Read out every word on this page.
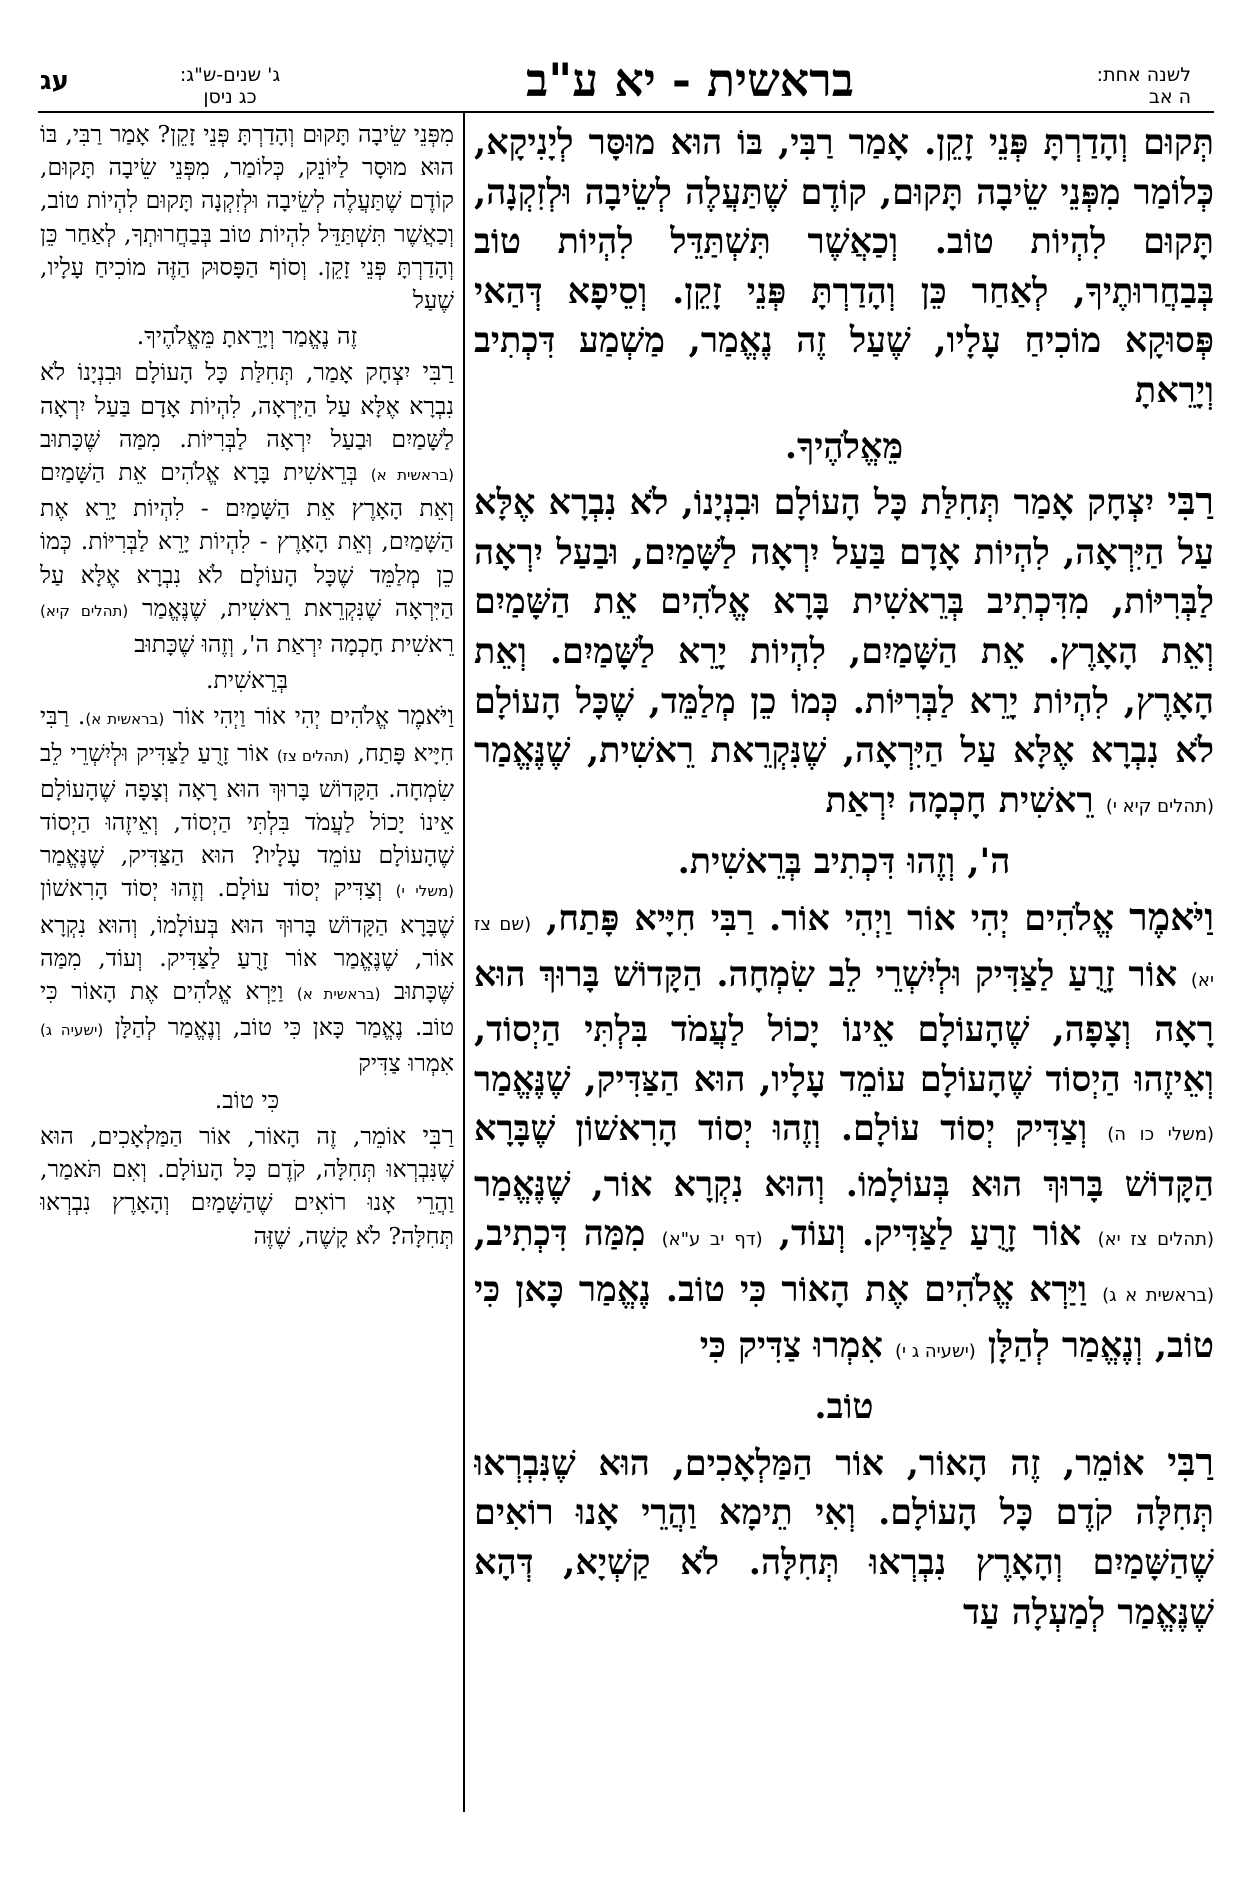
לשנה אחת:
ה אב
בראשית - יא ע"ב
ג' שנים-ש"ג:
כג ניסן
עג

תְּקוּם וְהָדַרְתָּ פְּנֵי זָקֵן. אָמַר רַבִּי, בּוֹ הוּא מוּסָּר לְיָנִיקָא, כְּלוֹמַר מִפְּנֵי שֵׂיבָה תָּקוּם, קוֹדֶם שֶׁתַּעֲלֶה לְשֵׂיבָה וּלְזִקְנָה, תָּקוּם לִהְיוֹת טוֹב. וְכַאֲשֶׁר תִּשְׁתַּדֵּל לִהְיוֹת טוֹב בְּבַחֲרוּתֶיךָ, לְאַחַר כֵּן וְהָדַרְתָּ פְּנֵי זָקֵן. וְסֵיפָא דְּהַאי פְּסוּקָא מוֹכִיחַ עָלָיו, שֶׁעַל זֶה נֶאֱמַר, מַשְׁמַע דִּכְתִיב וְיָרֵאתָ

מֵּאֱלֹהֶיךָ.

רַבִּי יִצְחָק אָמַר תְּחִלַּת כָּל הָעוֹלָם וּבִנְיָנוֹ, לֹא נִבְרָא אֶלָּא עַל הַיִּרְאָה, לִהְיוֹת אָדָם בַּעַל יִרְאָה לַשָּׁמַיִם, וּבַעַל יִרְאָה לַבְּרִיּוֹת, מִדִּכְתִיב בְּרֵאשִׁית בָּרָא אֱלֹהִים אֵת הַשָּׁמַיִם וְאֵת הָאָרֶץ. אֵת הַשָּׁמַיִם, לִהְיוֹת יָרֵא לַשָּׁמַיִם. וְאֵת הָאָרֶץ, לִהְיוֹת יָרֵא לַבְּרִיּוֹת. כְּמוֹ כֵן מְלַמֵּד, שֶׁכָּל הָעוֹלָם לֹא נִבְרָא אֶלָּא עַל הַיִּרְאָה, שֶׁנִּקְרֵאת רֵאשִׁית, שֶׁנֶּאֱמַר (תהלים קיא י) רֵאשִׁית חָכְמָה יִרְאַת

ה', וְזֶהוּ דִּכְתִיב בְּרֵאשִׁית.

וַיֹּאמֶר אֱלֹהִים יְהִי אוֹר וַיְהִי אוֹר. רַבִּי חִיָּיא פָּתַח, (שם צז יא) אוֹר זָרֻעַ לַצַּדִּיק וּלְיִשְׁרֵי לֵב שִׂמְחָה. הַקָּדוֹשׁ בָּרוּךְ הוּא רָאָה וְצָפָה, שֶׁהָעוֹלָם אֵינוֹ יָכוֹל לַעֲמֹד בִּלְתִּי הַיְסוֹד, וְאֵיזֶהוּ הַיְסוֹד שֶׁהָעוֹלָם עוֹמֵד עָלָיו, הוּא הַצַּדִּיק, שֶׁנֶּאֱמַר (משלי כו ה) וְצַדִּיק יְסוֹד עוֹלָם. וְזֶהוּ יְסוֹד הָרִאשׁוֹן שֶׁבָּרָא הַקָּדוֹשׁ בָּרוּךְ הוּא בְּעוֹלָמוֹ. וְהוּא נִקְרָא אוֹר, שֶׁנֶּאֱמַר (תהלים צז יא) אוֹר זָרֻעַ לַצַּדִּיק. וְעוֹד, (דף יב ע"א) מִמַּה דִּכְתִיב, (בראשית א ג) וַיַּרְא אֱלֹהִים אֶת הָאוֹר כִּי טוֹב. נֶאֱמַר כָּאן כִּי טוֹב, וְנֶאֱמַר לְהַלָּן (ישעיה ג י) אִמְרוּ צַדִּיק כִּי

טוֹב.

רַבִּי אוֹמֵר, זֶה הָאוֹר, אוֹר הַמַּלְאָכִים, הוּא שֶׁנִּבְרְאוּ תְּחִלָּה קֹדֶם כָּל הָעוֹלָם. וְאִי תֵימָא וַהֲרֵי אָנוּ רוֹאִים שֶׁהַשָּׁמַיִם וְהָאָרֶץ נִבְרְאוּ תְּחִלָּה. לֹא קַשְׁיָא, דְּהָא שֶׁנֶּאֱמַר לְמַעְלָה עַד

מִפְּנֵי שֵׂיבָה תָּקוּם וְהָדַרְתָּ פְּנֵי זָקֵן? אָמַר רַבִּי, בּוֹ הוּא מוּסָר לַיּוֹנֵק, כְּלוֹמַר, מִפְּנֵי שֵׂיבָה תָּקוּם, קוֹדֶם שֶׁתַּעֲלֶה לְשֵׂיבָה וּלְזִקְנָה תָּקוּם לִהְיוֹת טוֹב, וְכַאֲשֶׁר תִּשְׁתַּדֵּל לִהְיוֹת טוֹב בְּבַחֲרוּתְךָ, לְאַחַר כֵּן וְהָדַרְתָּ פְּנֵי זָקֵן. וְסוֹף הַפָּסוּק הַזֶּה מוֹכִיחַ עָלָיו, שֶׁעַל

זֶה נֶאֱמַר וְיָרֵאתָ מֵּאֱלֹהֶיךָ.

רַבִּי יִצְחָק אָמַר, תְּחִלַּת כָּל הָעוֹלָם וּבִנְיָנוֹ לֹא נִבְרָא אֶלָּא עַל הַיִּרְאָה, לִהְיוֹת אָדָם בַּעַל יִרְאָה לַשָּׁמַיִם וּבַעַל יִרְאָה לַבְּרִיּוֹת. מִמַּה שֶּׁכָּתוּב (בראשית א) בְּרֵאשִׁית בָּרָא אֱלֹהִים אֵת הַשָּׁמַיִם וְאֵת הָאָרֶץ אֵת הַשָּׁמַיִם - לִהְיוֹת יָרֵא אֶת הַשָּׁמַיִם, וְאֵת הָאָרֶץ - לִהְיוֹת יָרֵא לַבְּרִיּוֹת. כְּמוֹ כֵן מְלַמֵּד שֶׁכָּל הָעוֹלָם לֹא נִבְרָא אֶלָּא עַל הַיִּרְאָה שֶׁנִּקְרֵאת רֵאשִׁית, שֶׁנֶּאֱמַר (תהלים קיא) רֵאשִׁית חָכְמָה יִרְאַת ה', וְזֶהוּ שֶׁכָּתוּב

בְּרֵאשִׁית.

וַיֹּאמֶר אֱלֹהִים יְהִי אוֹר וַיְהִי אוֹר (בראשית א). רַבִּי חִיָּיא פָּתַח, (תהלים צז) אוֹר זָרֻעַ לַצַּדִּיק וּלְיִשְׁרֵי לֵב שִׂמְחָה. הַקָּדוֹשׁ בָּרוּךְ הוּא רָאָה וְצָפָה שֶׁהָעוֹלָם אֵינוֹ יָכוֹל לַעֲמֹד בִּלְתִּי הַיְסוֹד, וְאֵיזֶהוּ הַיְסוֹד שֶׁהָעוֹלָם עוֹמֵד עָלָיו? הוּא הַצַּדִּיק, שֶׁנֶּאֱמַר (משלי י) וְצַדִּיק יְסוֹד עוֹלָם. וְזֶהוּ יְסוֹד הָרִאשׁוֹן שֶׁבָּרָא הַקָּדוֹשׁ בָּרוּךְ הוּא בְּעוֹלָמוֹ, וְהוּא נִקְרָא אוֹר, שֶׁנֶּאֱמַר אוֹר זָרֻעַ לַצַּדִּיק. וְעוֹד, מִמַּה שֶּׁכָּתוּב (בראשית א) וַיַּרְא אֱלֹהִים אֶת הָאוֹר כִּי טוֹב. נֶאֱמַר כָּאן כִּי טוֹב, וְנֶאֱמַר לְהַלָּן (ישעיה ג) אִמְרוּ צַדִּיק

כִּי טוֹב.

רַבִּי אוֹמֵר, זֶה הָאוֹר, אוֹר הַמַּלְאָכִים, הוּא שֶׁנִּבְרְאוּ תְּחִלָּה, קֹדֶם כָּל הָעוֹלָם. וְאִם תֹּאמַר, וַהֲרֵי אָנוּ רוֹאִים שֶׁהַשָּׁמַיִם וְהָאָרֶץ נִבְרְאוּ תְּחִלָּה? לֹא קָשֶׁה, שֶׁזֶּה
